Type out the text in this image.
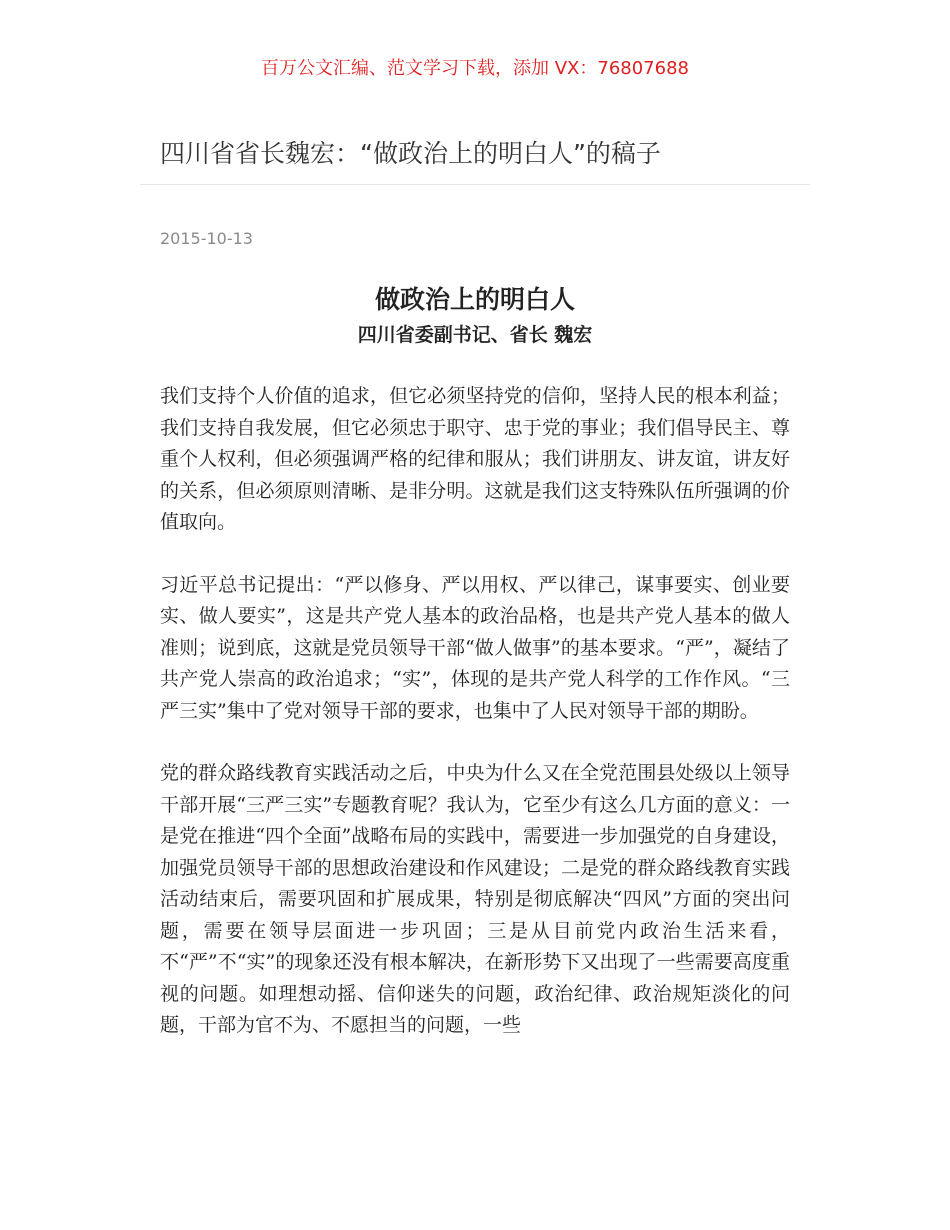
百万公文汇编、范文学习下载，添加 VX：76807688
四川省省长魏宏：“做政治上的明白人”的稿子
2015-10-13
做政治上的明白人
四川省委副书记、省长 魏宏

我们支持个人价值的追求，但它必须坚持党的信仰，坚持人民的根本利益；我们支持自我发展，但它必须忠于职守、忠于党的事业；我们倡导民主、尊重个人权利，但必须强调严格的纪律和服从；我们讲朋友、讲友谊，讲友好的关系，但必须原则清晰、是非分明。这就是我们这支特殊队伍所强调的价值取向。

习近平总书记提出：“严以修身、严以用权、严以律己，谋事要实、创业要实、做人要实”，这是共产党人基本的政治品格，也是共产党人基本的做人准则；说到底，这就是党员领导干部“做人做事”的基本要求。“严”，凝结了共产党人崇高的政治追求；“实”，体现的是共产党人科学的工作作风。“三严三实”集中了党对领导干部的要求，也集中了人民对领导干部的期盼。

党的群众路线教育实践活动之后，中央为什么又在全党范围县处级以上领导干部开展“三严三实”专题教育呢？我认为，它至少有这么几方面的意义：一是党在推进“四个全面”战略布局的实践中，需要进一步加强党的自身建设，加强党员领导干部的思想政治建设和作风建设；二是党的群众路线教育实践活动结束后，需要巩固和扩展成果，特别是彻底解决“四风”方面的突出问题，需要在领导层面进一步巩固；三是从目前党内政治生活来看，不“严”不“实”的现象还没有根本解决，在新形势下又出现了一些需要高度重视的问题。如理想动摇、信仰迷失的问题，政治纪律、政治规矩淡化的问题，干部为官不为、不愿担当的问题，一些
